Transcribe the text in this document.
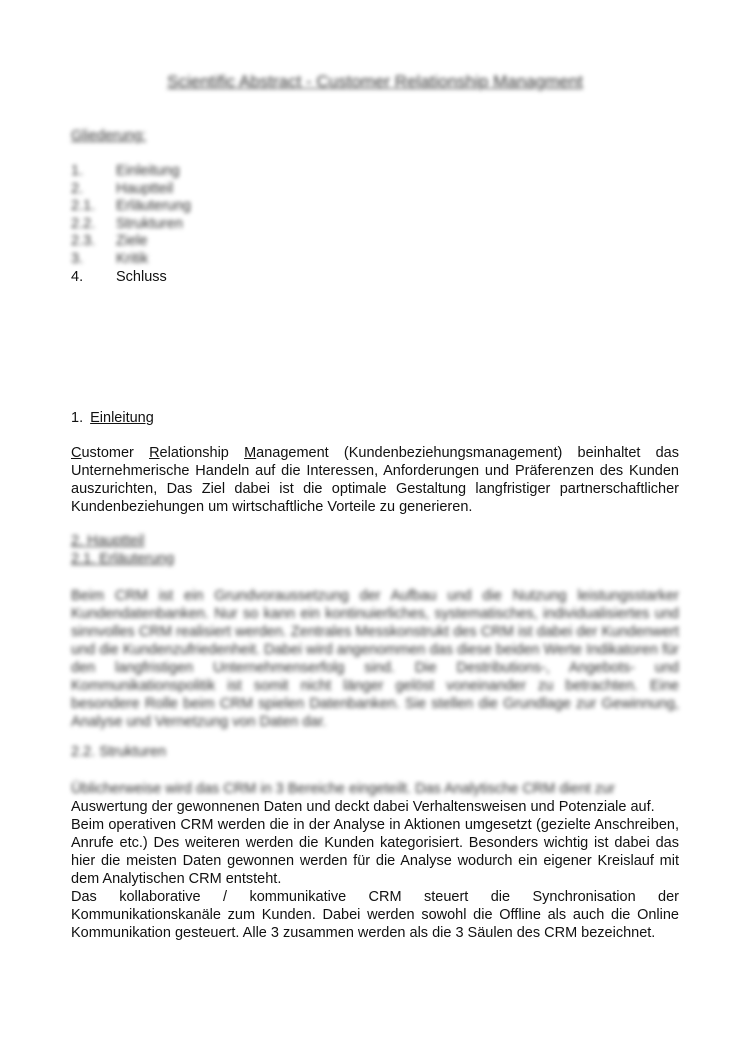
Scientific Abstract - Customer Relationship Managment
Gliederung:
1.	Einleitung
2.	Hauptteil
2.1.	Erläuterung
2.2.	Strukturen
2.3.	Ziele
3.	Kritik
4.	Schluss
1. Einleitung
Customer Relationship Management (Kundenbeziehungsmanagement) beinhaltet das Unternehmerische Handeln auf die Interessen, Anforderungen und Präferenzen des Kunden auszurichten, Das Ziel dabei ist die optimale Gestaltung langfristiger partnerschaftlicher Kundenbeziehungen um wirtschaftliche Vorteile zu generieren.
2. Hauptteil
2.1. Erläuterung
Beim CRM ist ein Grundvoraussetzung der Aufbau und die Nutzung leistungsstarker Kundendatenbanken. Nur so kann ein kontinuierliches, systematisches, individualisiertes und sinnvolles CRM realisiert werden. Zentrales Messkonstrukt des CRM ist dabei der Kundenwert und die Kundenzufriedenheit. Dabei wird angenommen das diese beiden Werte Indikatoren für den langfristigen Unternehmenserfolg sind. Die Destributions-, Angebots- und Kommunikationspolitik ist somit nicht länger gelöst voneinander zu betrachten. Eine besondere Rolle beim CRM spielen Datenbanken. Sie stellen die Grundlage zur Gewinnung, Analyse und Vernetzung von Daten dar.
2.2. Strukturen
Üblicherweise wird das CRM in 3 Bereiche eingeteilt. Das Analytische CRM dient zur

Auswertung der gewonnenen Daten und deckt dabei Verhaltensweisen und Potenziale auf.

Beim operativen CRM werden die in der Analyse in Aktionen umgesetzt (gezielte Anschreiben, Anrufe etc.) Des weiteren werden die Kunden kategorisiert. Besonders wichtig ist dabei das hier die meisten Daten gewonnen werden für die Analyse wodurch ein eigener Kreislauf mit dem Analytischen CRM entsteht.

Das kollaborative / kommunikative CRM steuert die Synchronisation der Kommunikationskanäle zum Kunden. Dabei werden sowohl die Offline als auch die Online Kommunikation gesteuert. Alle 3 zusammen werden als die 3 Säulen des CRM bezeichnet.
